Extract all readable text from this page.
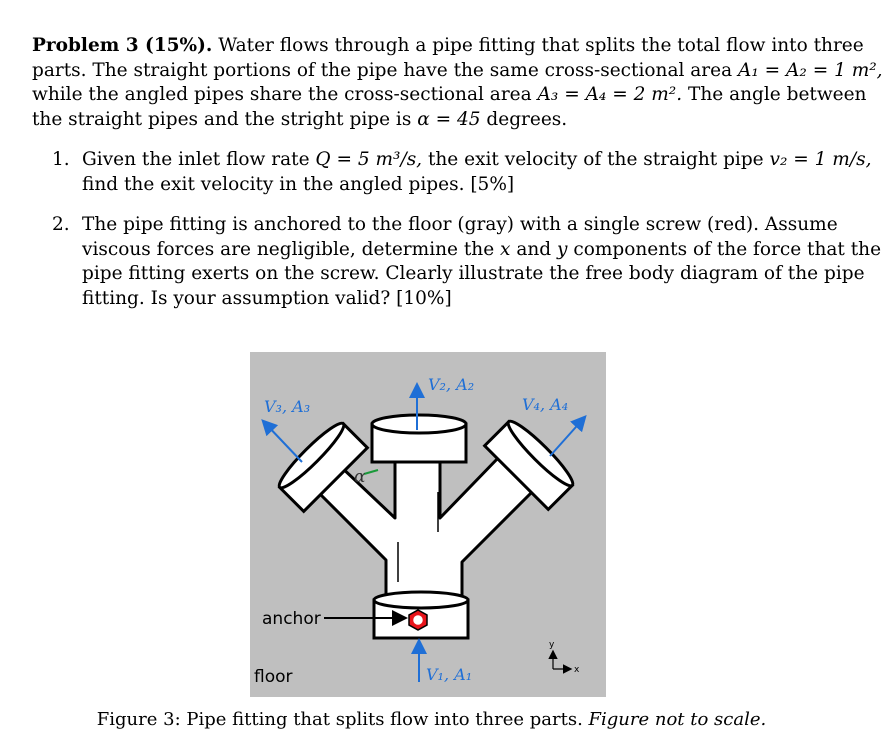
Problem 3 (15%). Water flows through a pipe fitting that splits the total flow into three
parts. The straight portions of the pipe have the same cross-sectional area A₁ = A₂ = 1 m²,
while the angled pipes share the cross-sectional area A₃ = A₄ = 2 m². The angle between
the straight pipes and the stright pipe is α = 45 degrees.
1. Given the inlet flow rate Q = 5 m³/s, the exit velocity of the straight pipe v₂ = 1 m/s,
find the exit velocity in the angled pipes. [5%]
2. The pipe fitting is anchored to the floor (gray) with a single screw (red). Assume
viscous forces are negligible, determine the x and y components of the force that the
pipe fitting exerts on the screw. Clearly illustrate the free body diagram of the pipe
fitting. Is your assumption valid? [10%]
α
V₂, A₂
V₃, A₃	V₄, A₄
V₁, A₁
anchor
floor
y
x
Figure 3: Pipe fitting that splits flow into three parts. Figure not to scale.
